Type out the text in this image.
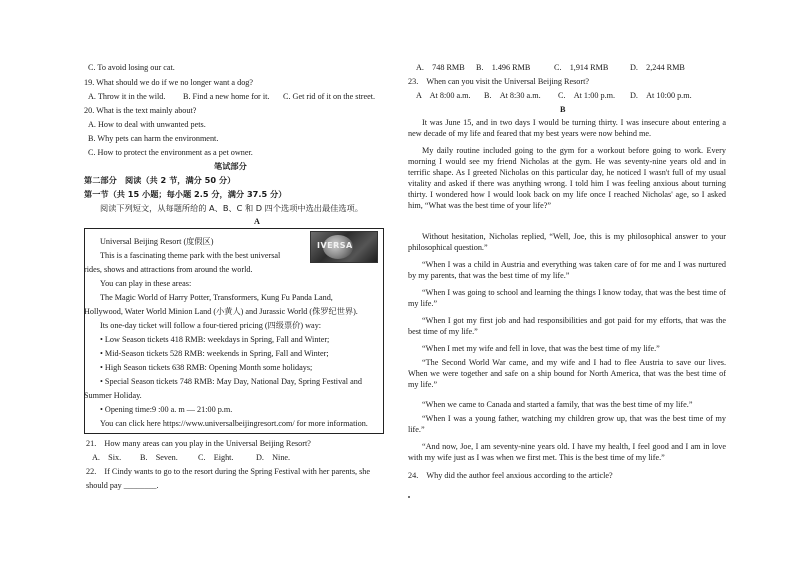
C. To avoid losing our cat.
19. What should we do if we no longer want a dog?
A. Throw it in the wild. B. Find a new home for it. C. Get rid of it on the street.
20. What is the text mainly about?
A. How to deal with unwanted pets.
B. Why pets can harm the environment.
C. How to protect the environment as a pet owner.
笔试部分
第二部分　阅读（共 2 节，满分 50 分）
第一节（共 15 小题；每小题 2.5 分，满分 37.5 分）
阅读下列短文，从每题所给的 A、B、C 和 D 四个选项中选出最佳选项。
A
IVERSA
Universal Beijing Resort (度假区)
This is a fascinating theme park with the best universal
rides, shows and attractions from around the world.
You can play in these areas:
The Magic World of Harry Potter, Transformers, Kung Fu Panda Land,
Hollywood, Water World Minion Land (小黄人) and Jurassic World (侏罗纪世界).
Its one-day ticket will follow a four-tiered pricing (四级票价) way:
• Low Season tickets 418 RMB: weekdays in Spring, Fall and Winter;
• Mid-Season tickets 528 RMB: weekends in Spring, Fall and Winter;
• High Season tickets 638 RMB: Opening Month some holidays;
• Special Season tickets 748 RMB: May Day, National Day, Spring Festival and
Summer Holiday.
• Opening time:9 :00 a. m — 21:00 p.m.
You can click here https://www.universalbeijingresort.com/ for more information.
21.　How many areas can you play in the Universal Beijing Resort?
A.　Six. B.　Seven. C.　Eight.	D.　Nine.
22.　If Cindy wants to go to the resort during the Spring Festival with her parents, she
should pay ________.
A.　748 RMB B.　1.496 RMB	C.　1,914 RMB	D.　2,244 RMB
23.　When can you visit the Universal Beijing Resort?
A　At 8:00 a.m. B.　At 8:30 a.m. C.　At 1:00 p.m. D.　At 10:00 p.m.
B
It was June 15, and in two days I would be turning thirty. I was insecure about entering a new decade of my life and feared that my best years were now behind me.
My daily routine included going to the gym for a workout before going to work. Every morning I would see my friend Nicholas at the gym. He was seventy-nine years old and in terrific shape. As I greeted Nicholas on this particular day, he noticed I wasn't full of my usual vitality and asked if there was anything wrong. I told him I was feeling anxious about turning thirty. I wondered how I would look back on my life once I reached Nicholas' age, so I asked him, “What was the best time of your life?”
Without hesitation, Nicholas replied, “Well, Joe, this is my philosophical answer to your philosophical question.”
“When I was a child in Austria and everything was taken care of for me and I was nurtured by my parents, that was the best time of my life.”
“When I was going to school and learning the things I know today, that was the best time of my life.”
“When I got my first job and had responsibilities and got paid for my efforts, that was the best time of my life.”
“When I met my wife and fell in love, that was the best time of my life.”
“The Second World War came, and my wife and I had to flee Austria to save our lives. When we were together and safe on a ship bound for North America, that was the best time of my life.”
“When we came to Canada and started a family, that was the best time of my life.”
“When I was a young father, watching my children grow up, that was the best time of my life.”
“And now, Joe, I am seventy-nine years old. I have my health, I feel good and I am in love with my wife just as I was when we first met. This is the best time of my life.”
24.　Why did the author feel anxious according to the article?
